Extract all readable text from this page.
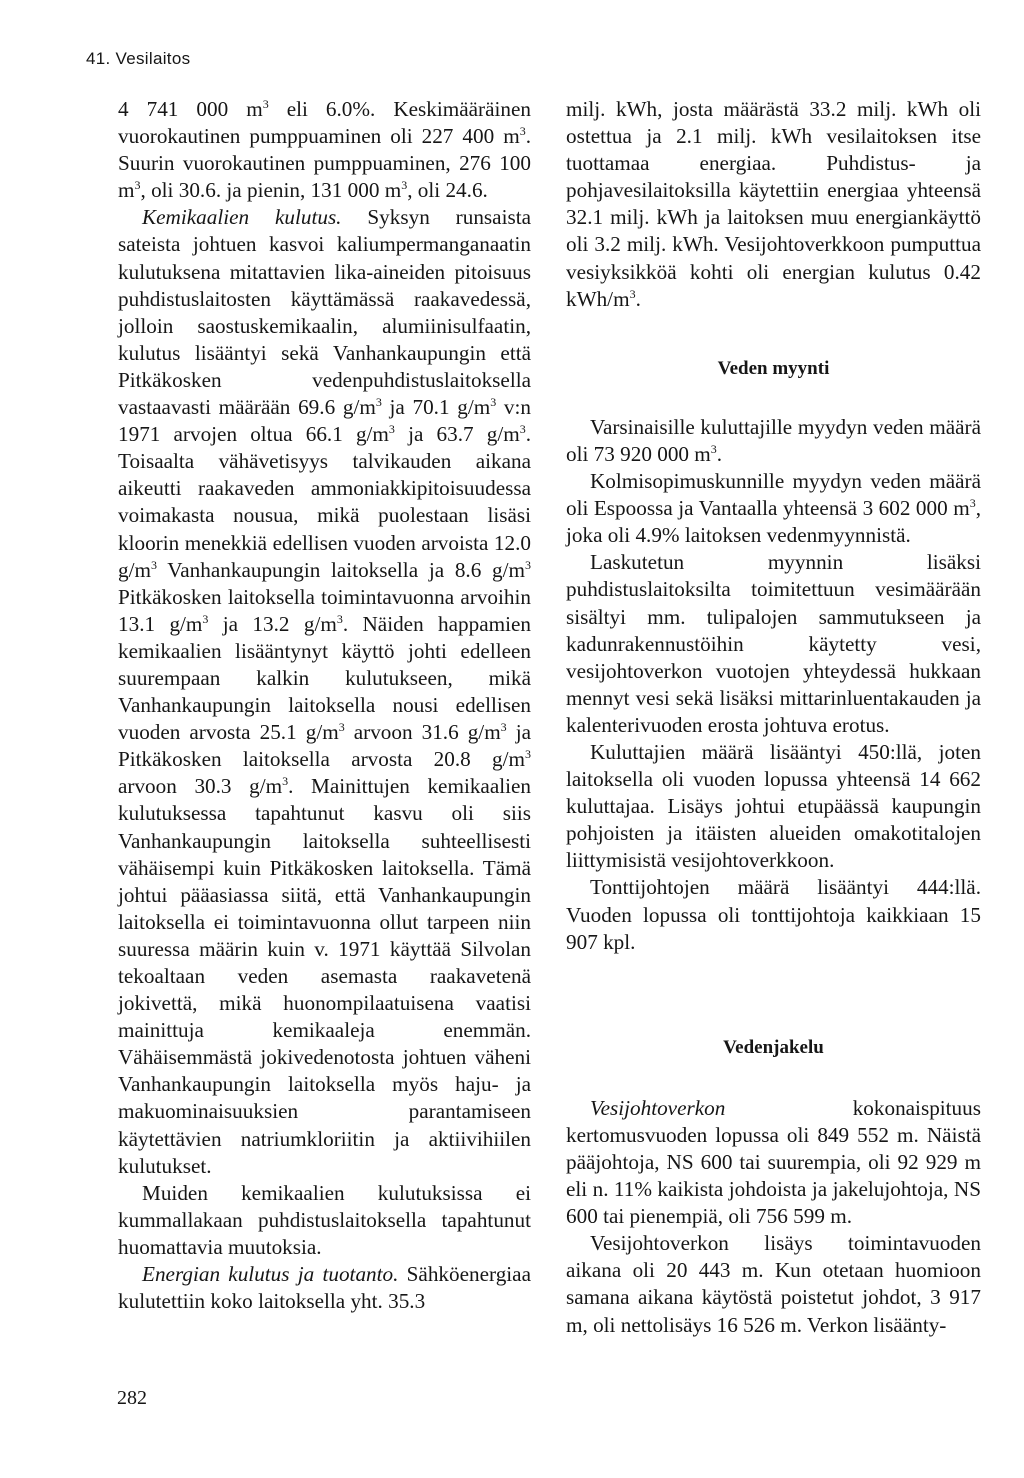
41. Vesilaitos

4 741 000 $m^3$ eli 6.0%. Keskimääräinen vuorokautinen pumppuaminen oli 227 400 $m^3$. Suurin vuorokautinen pumppuaminen, 276 100 $m^3$, oli 30.6. ja pienin, 131 000 $m^3$, oli 24.6.

Kemikaalien kulutus. Syksyn runsaista sateista johtuen kasvoi kaliumpermanganaatin kulutuksena mitattavien lika-aineiden pitoisuus puhdistuslaitosten käyttämässä raakavedessä, jolloin saostuskemikaalin, alumiinisulfaatin, kulutus lisääntyi sekä Vanhankaupungin että Pitkäkosken vedenpuhdistuslaitoksella vastaavasti määrään 69.6 $g/m^3$ ja 70.1 $g/m^3$ v:n 1971 arvojen oltua 66.1 $g/m^3$ ja 63.7 $g/m^3$. Toisaalta vähävetisyys talvikauden aikana aikeutti raakaveden ammoniakkipitoisuudessa voimakasta nousua, mikä puolestaan lisäsi kloorin menekkiä edellisen vuoden arvoista 12.0 $g/m^3$ Vanhankaupungin laitoksella ja 8.6 $g/m^3$ Pitkäkosken laitoksella toimintavuonna arvoihin 13.1 $g/m^3$ ja 13.2 $g/m^3$. Näiden happamien kemikaalien lisääntynyt käyttö johti edelleen suurempaan kalkin kulutukseen, mikä Vanhankaupungin laitoksella nousi edellisen vuoden arvosta 25.1 $g/m^3$ arvoon 31.6 $g/m^3$ ja Pitkäkosken laitoksella arvosta 20.8 $g/m^3$ arvoon 30.3 $g/m^3$. Mainittujen kemikaalien kulutuksessa tapahtunut kasvu oli siis Vanhankaupungin laitoksella suhteellisesti vähäisempi kuin Pitkäkosken laitoksella. Tämä johtui pääasiassa siitä, että Vanhankaupungin laitoksella ei toimintavuonna ollut tarpeen niin suuressa määrin kuin v. 1971 käyttää Silvolan tekoaltaan veden asemasta raakavetenä jokivettä, mikä huonompilaatuisena vaatisi mainittuja kemikaaleja enemmän. Vähäisemmästä jokivedenotosta johtuen väheni Vanhankaupungin laitoksella myös haju- ja makuominaisuuksien parantamiseen käytettävien natriumkloriitin ja aktiivihiilen kulutukset.

Muiden kemikaalien kulutuksissa ei kummallakaan puhdistuslaitoksella tapahtunut huomattavia muutoksia.

Energian kulutus ja tuotanto. Sähköenergiaa kulutettiin koko laitoksella yht. 35.3

milj. kWh, josta määrästä 33.2 milj. kWh oli ostettua ja 2.1 milj. kWh vesilaitoksen itse tuottamaa energiaa. Puhdistus- ja pohjavesilaitoksilla käytettiin energiaa yhteensä 32.1 milj. kWh ja laitoksen muu energiankäyttö oli 3.2 milj. kWh. Vesijohtoverkkoon pumputtua vesiyksikköä kohti oli energian kulutus 0.42 kWh/$m^3$.

Veden myynti

Varsinaisille kuluttajille myydyn veden määrä oli 73 920 000 $m^3$.

Kolmisopimuskunnille myydyn veden määrä oli Espoossa ja Vantaalla yhteensä 3 602 000 $m^3$, joka oli 4.9% laitoksen vedenmyynnistä.

Laskutetun myynnin lisäksi puhdistuslaitoksilta toimitettuun vesimäärään sisältyi mm. tulipalojen sammutukseen ja kadunrakennustöihin käytetty vesi, vesijohtoverkon vuotojen yhteydessä hukkaan mennyt vesi sekä lisäksi mittarinluentakauden ja kalenterivuoden erosta johtuva erotus.

Kuluttajien määrä lisääntyi 450:llä, joten laitoksella oli vuoden lopussa yhteensä 14 662 kuluttajaa. Lisäys johtui etupäässä kaupungin pohjoisten ja itäisten alueiden omakotitalojen liittymisistä vesijohtoverkkoon.

Tonttijohtojen määrä lisääntyi 444:llä. Vuoden lopussa oli tonttijohtoja kaikkiaan 15 907 kpl.

Vedenjakelu

Vesijohtoverkon kokonaispituus kertomusvuoden lopussa oli 849 552 m. Näistä pääjohtoja, NS 600 tai suurempia, oli 92 929 m eli n. 11% kaikista johdoista ja jakelujohtoja, NS 600 tai pienempiä, oli 756 599 m.

Vesijohtoverkon lisäys toimintavuoden aikana oli 20 443 m. Kun otetaan huomioon samana aikana käytöstä poistetut johdot, 3 917 m, oli nettolisäys 16 526 m. Verkon lisäänty-

282
